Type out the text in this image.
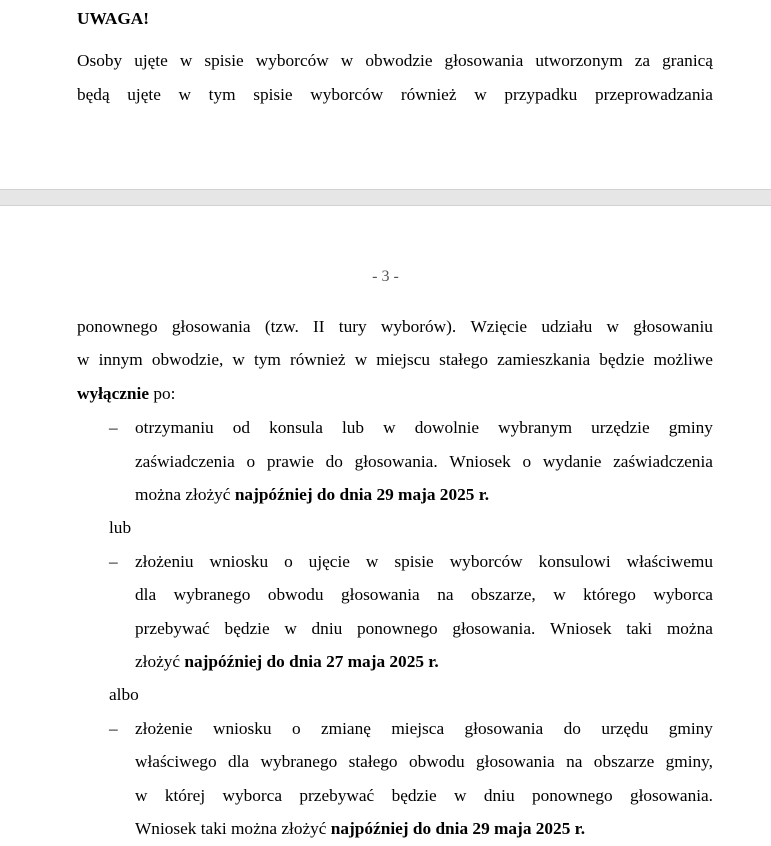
UWAGA!
Osoby ujęte w spisie wyborców w obwodzie głosowania utworzonym za granicą
będą ujęte w tym spisie wyborców również w przypadku przeprowadzania
- 3 -
ponownego głosowania (tzw. II tury wyborów). Wzięcie udziału w głosowaniu
w innym obwodzie, w tym również w miejscu stałego zamieszkania będzie możliwe
wyłącznie po:
– otrzymaniu od konsula lub w dowolnie wybranym urzędzie gminy
zaświadczenia o prawie do głosowania. Wniosek o wydanie zaświadczenia
można złożyć najpóźniej do dnia 29 maja 2025 r.
lub
– złożeniu wniosku o ujęcie w spisie wyborców konsulowi właściwemu
dla wybranego obwodu głosowania na obszarze, w którego wyborca
przebywać będzie w dniu ponownego głosowania. Wniosek taki można
złożyć najpóźniej do dnia 27 maja 2025 r.
albo
– złożenie wniosku o zmianę miejsca głosowania do urzędu gminy
właściwego dla wybranego stałego obwodu głosowania na obszarze gminy,
w której wyborca przebywać będzie w dniu ponownego głosowania.
Wniosek taki można złożyć najpóźniej do dnia 29 maja 2025 r.
